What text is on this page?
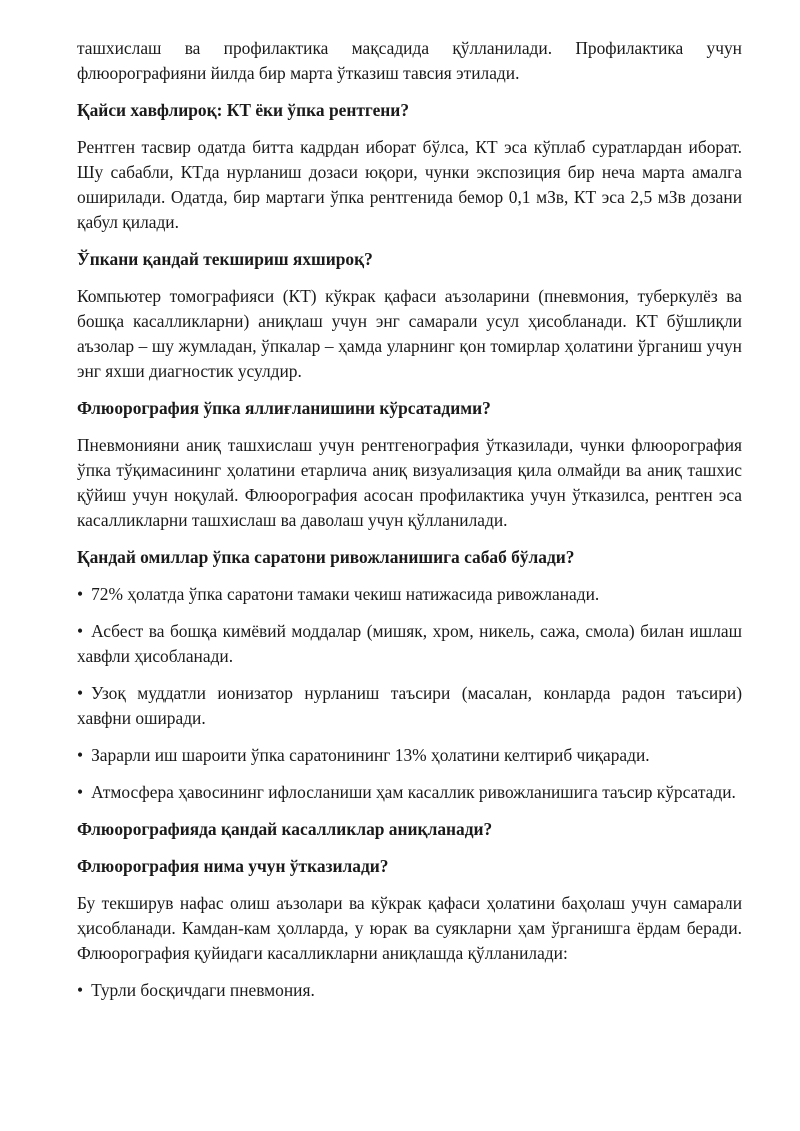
ташхислаш ва профилактика мақсадида қўлланилади. Профилактика учун флюорографияни йилда бир марта ўтказиш тавсия этилади.

Қайси хавфлироқ: КТ ёки ўпка рентгени?

Рентген тасвир одатда битта кадрдан иборат бўлса, КТ эса кўплаб суратлардан иборат. Шу сабабли, КТда нурланиш дозаси юқори, чунки экспозиция бир неча марта амалга оширилади. Одатда, бир мартаги ўпка рентгенида бемор 0,1 мЗв, КТ эса 2,5 мЗв дозани қабул қилади.

Ўпкани қандай текшириш яхшироқ?

Компьютер томографияси (КТ) кўкрак қафаси аъзоларини (пневмония, туберкулёз ва бошқа касалликларни) аниқлаш учун энг самарали усул ҳисобланади. КТ бўшлиқли аъзолар – шу жумладан, ўпкалар – ҳамда уларнинг қон томирлар ҳолатини ўрганиш учун энг яхши диагностик усулдир.

Флюорография ўпка яллиғланишини кўрсатадими?

Пневмонияни аниқ ташхислаш учун рентгенография ўтказилади, чунки флюорография ўпка тўқимасининг ҳолатини етарлича аниқ визуализация қила олмайди ва аниқ ташхис қўйиш учун ноқулай. Флюорография асосан профилактика учун ўтказилса, рентген эса касалликларни ташхислаш ва даволаш учун қўлланилади.

Қандай омиллар ўпка саратони ривожланишига сабаб бўлади?
• 72% ҳолатда ўпка саратони тамаки чекиш натижасида ривожланади.
• Асбест ва бошқа кимёвий моддалар (мишяк, хром, никель, сажа, смола) билан ишлаш хавфли ҳисобланади.
• Узоқ муддатли ионизатор нурланиш таъсири (масалан, конларда радон таъсири) хавфни оширади.
• Зарарли иш шароити ўпка саратонининг 13% ҳолатини келтириб чиқаради.
• Атмосфера ҳавосининг ифлосланиши ҳам касаллик ривожланишига таъсир кўрсатади.
Флюорографияда қандай касалликлар аниқланади?
Флюорография нима учун ўтказилади?

Бу текширув нафас олиш аъзолари ва кўкрак қафаси ҳолатини баҳолаш учун самарали ҳисобланади. Камдан-кам ҳолларда, у юрак ва суякларни ҳам ўрганишга ёрдам беради. Флюорография қуйидаги касалликларни аниқлашда қўлланилади:

• Турли босқичдаги пневмония.
